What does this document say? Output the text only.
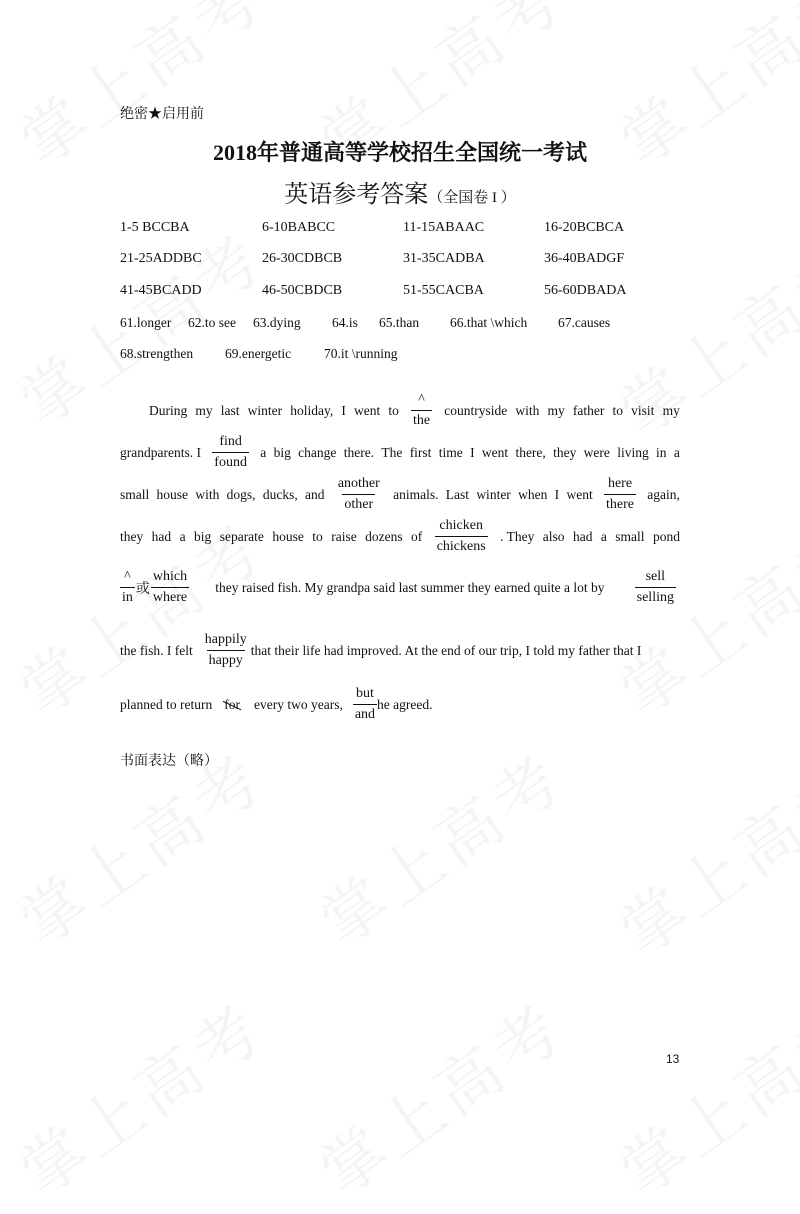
绝密★启用前
2018年普通高等学校招生全国统一考试
英语参考答案（全国卷 I ）
1-5 BCCBA	6-10BABCC	11-15ABAAC	16-20BCBCA
21-25ADDBC	26-30CDBCB	31-35CADBA	36-40BADGF
41-45BCADD	46-50CBDCB	51-55CACBA	56-60DBADA
61.longer 62.to see 63.dying 64.is 65.than 66.that \which 67.causes
68.strengthen 69.energetic 70.it \running
During my last winter holiday, I went to
^
the
countryside with my father to visit my
grandparents. I
find
found
a big change there. The first time I went there, they were living in a
small house with dogs, ducks, and
another
other
animals. Last winter when I went
here
there
again,
they had a big separate house to raise dozens of
chicken
chickens
. They also had a small pond
^
in
或
which
where
they raised fish. My grandpa said last summer they earned quite a lot by
sell
selling
the fish. I felt
happily
happy
that their life had improved. At the end of our trip, I told my father that I
planned to return for every two years,
but
and
he agreed.
书面表达（略）
13
